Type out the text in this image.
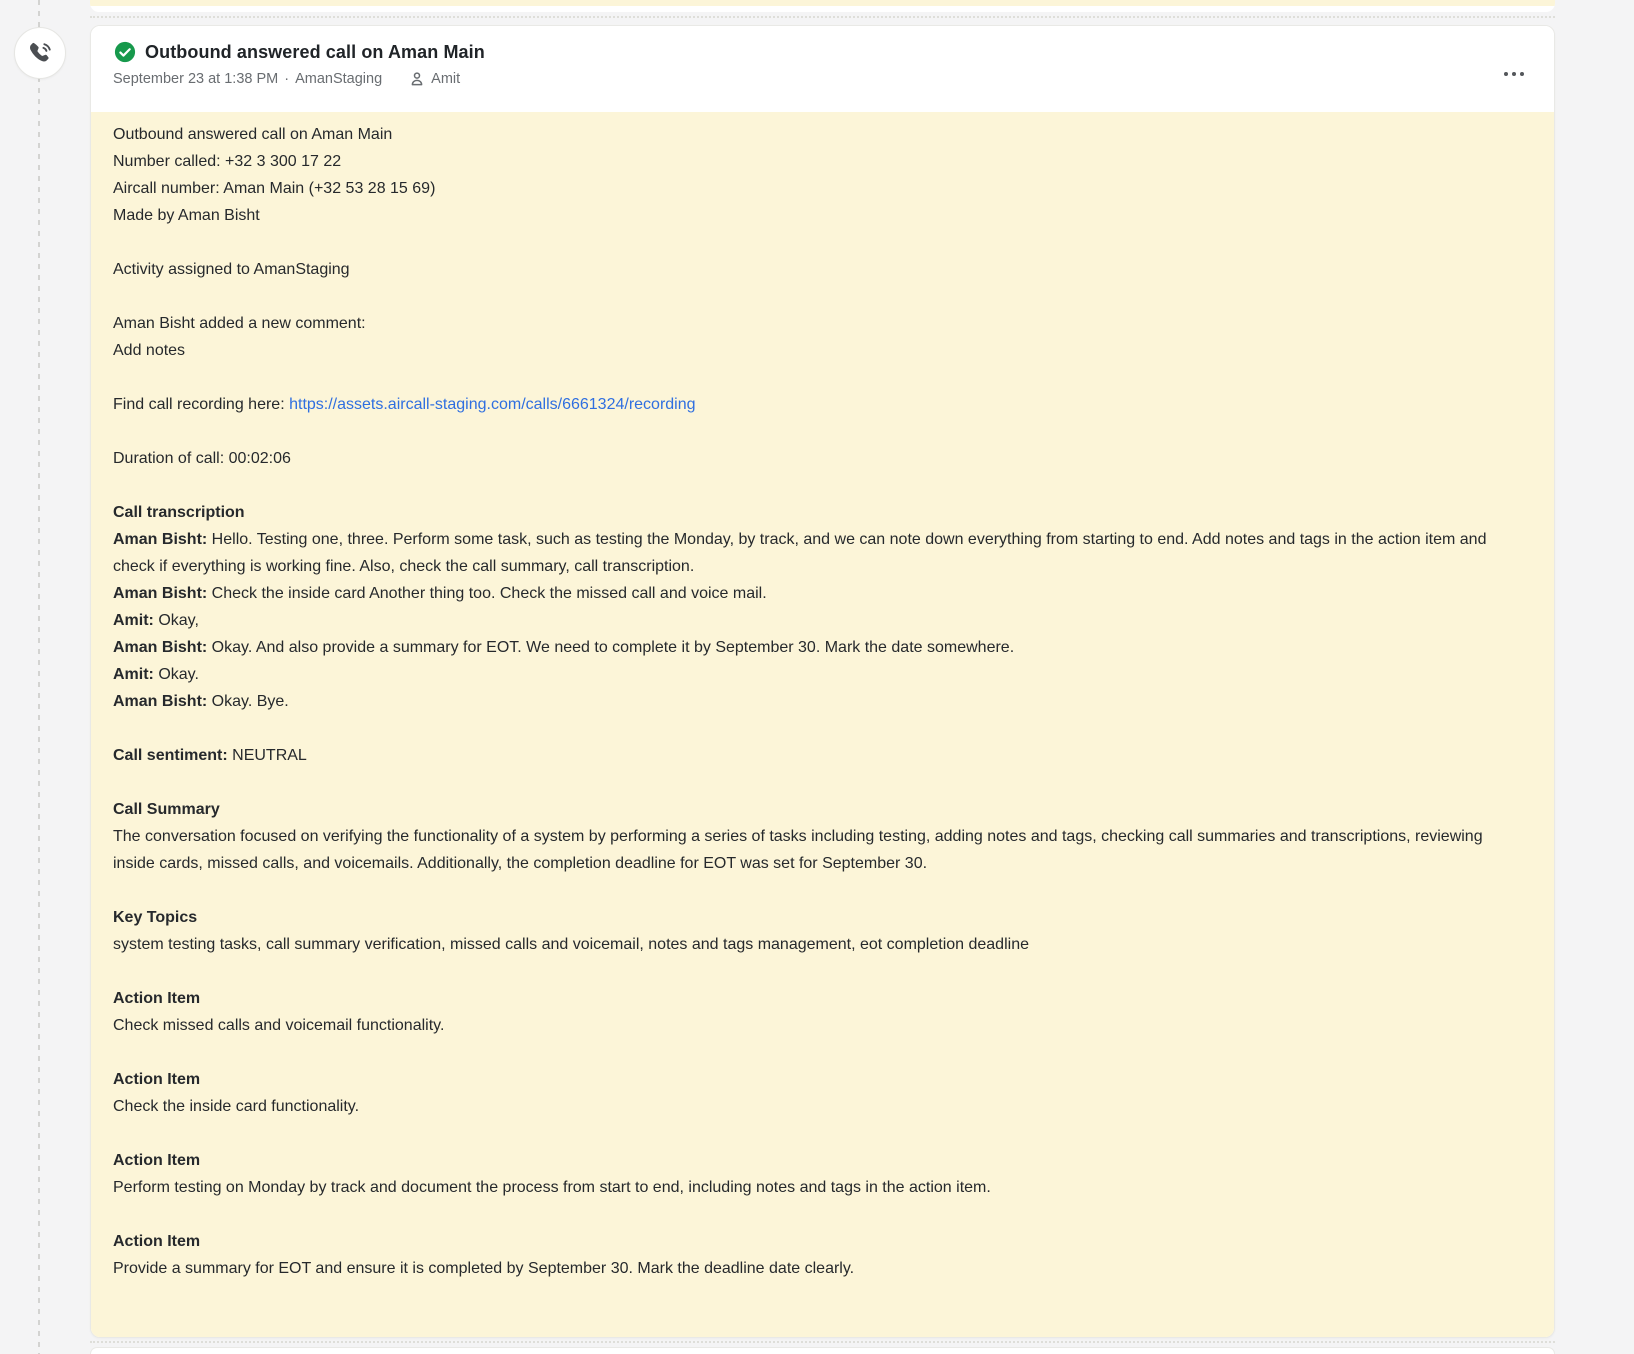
Outbound answered call on Aman Main
September 23 at 1:38 PM · AmanStaging	Amit
Outbound answered call on Aman Main
Number called: +32 3 300 17 22
Aircall number: Aman Main (+32 53 28 15 69)
Made by Aman Bisht
Activity assigned to AmanStaging
Aman Bisht added a new comment:
Add notes
Find call recording here: https://assets.aircall-staging.com/calls/6661324/recording
Duration of call: 00:02:06
Call transcription
Aman Bisht: Hello. Testing one, three. Perform some task, such as testing the Monday, by track, and we can note down everything from starting to end. Add notes and tags in the action item and check if everything is working fine. Also, check the call summary, call transcription.
Aman Bisht: Check the inside card Another thing too. Check the missed call and voice mail.
Amit: Okay,
Aman Bisht: Okay. And also provide a summary for EOT. We need to complete it by September 30. Mark the date somewhere.
Amit: Okay.
Aman Bisht: Okay. Bye.
Call sentiment: NEUTRAL
Call Summary
The conversation focused on verifying the functionality of a system by performing a series of tasks including testing, adding notes and tags, checking call summaries and transcriptions, reviewing inside cards, missed calls, and voicemails. Additionally, the completion deadline for EOT was set for September 30.
Key Topics
system testing tasks, call summary verification, missed calls and voicemail, notes and tags management, eot completion deadline
Action Item
Check missed calls and voicemail functionality.
Action Item
Check the inside card functionality.
Action Item
Perform testing on Monday by track and document the process from start to end, including notes and tags in the action item.
Action Item
Provide a summary for EOT and ensure it is completed by September 30. Mark the deadline date clearly.
